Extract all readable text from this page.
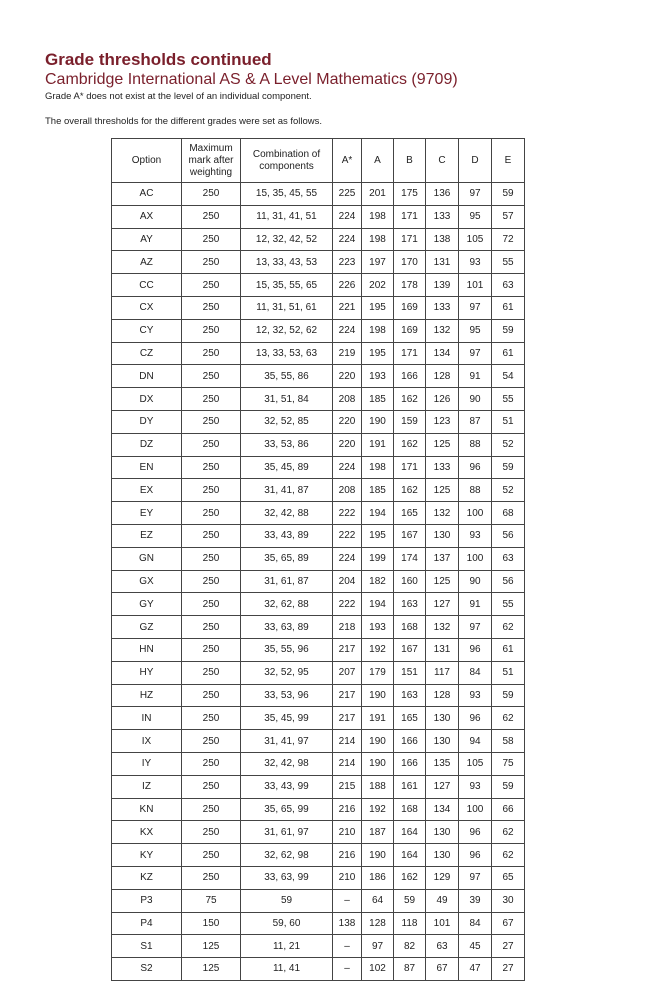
Grade thresholds continued
Cambridge International AS & A Level Mathematics (9709)
Grade A* does not exist at the level of an individual component.
The overall thresholds for the different grades were set as follows.
Option	Maximum mark after weighting	Combination of components	A*	A	B	C	D	E
AC	250	15, 35, 45, 55	225	201	175	136	97	59
AX	250	11, 31, 41, 51	224	198	171	133	95	57
AY	250	12, 32, 42, 52	224	198	171	138	105	72
AZ	250	13, 33, 43, 53	223	197	170	131	93	55
CC	250	15, 35, 55, 65	226	202	178	139	101	63
CX	250	11, 31, 51, 61	221	195	169	133	97	61
CY	250	12, 32, 52, 62	224	198	169	132	95	59
CZ	250	13, 33, 53, 63	219	195	171	134	97	61
DN	250	35, 55, 86	220	193	166	128	91	54
DX	250	31, 51, 84	208	185	162	126	90	55
DY	250	32, 52, 85	220	190	159	123	87	51
DZ	250	33, 53, 86	220	191	162	125	88	52
EN	250	35, 45, 89	224	198	171	133	96	59
EX	250	31, 41, 87	208	185	162	125	88	52
EY	250	32, 42, 88	222	194	165	132	100	68
EZ	250	33, 43, 89	222	195	167	130	93	56
GN	250	35, 65, 89	224	199	174	137	100	63
GX	250	31, 61, 87	204	182	160	125	90	56
GY	250	32, 62, 88	222	194	163	127	91	55
GZ	250	33, 63, 89	218	193	168	132	97	62
HN	250	35, 55, 96	217	192	167	131	96	61
HY	250	32, 52, 95	207	179	151	117	84	51
HZ	250	33, 53, 96	217	190	163	128	93	59
IN	250	35, 45, 99	217	191	165	130	96	62
IX	250	31, 41, 97	214	190	166	130	94	58
IY	250	32, 42, 98	214	190	166	135	105	75
IZ	250	33, 43, 99	215	188	161	127	93	59
KN	250	35, 65, 99	216	192	168	134	100	66
KX	250	31, 61, 97	210	187	164	130	96	62
KY	250	32, 62, 98	216	190	164	130	96	62
KZ	250	33, 63, 99	210	186	162	129	97	65
P3	75	59	–	64	59	49	39	30
P4	150	59, 60	138	128	118	101	84	67
S1	125	11, 21	–	97	82	63	45	27
S2	125	11, 41	–	102	87	67	47	27
